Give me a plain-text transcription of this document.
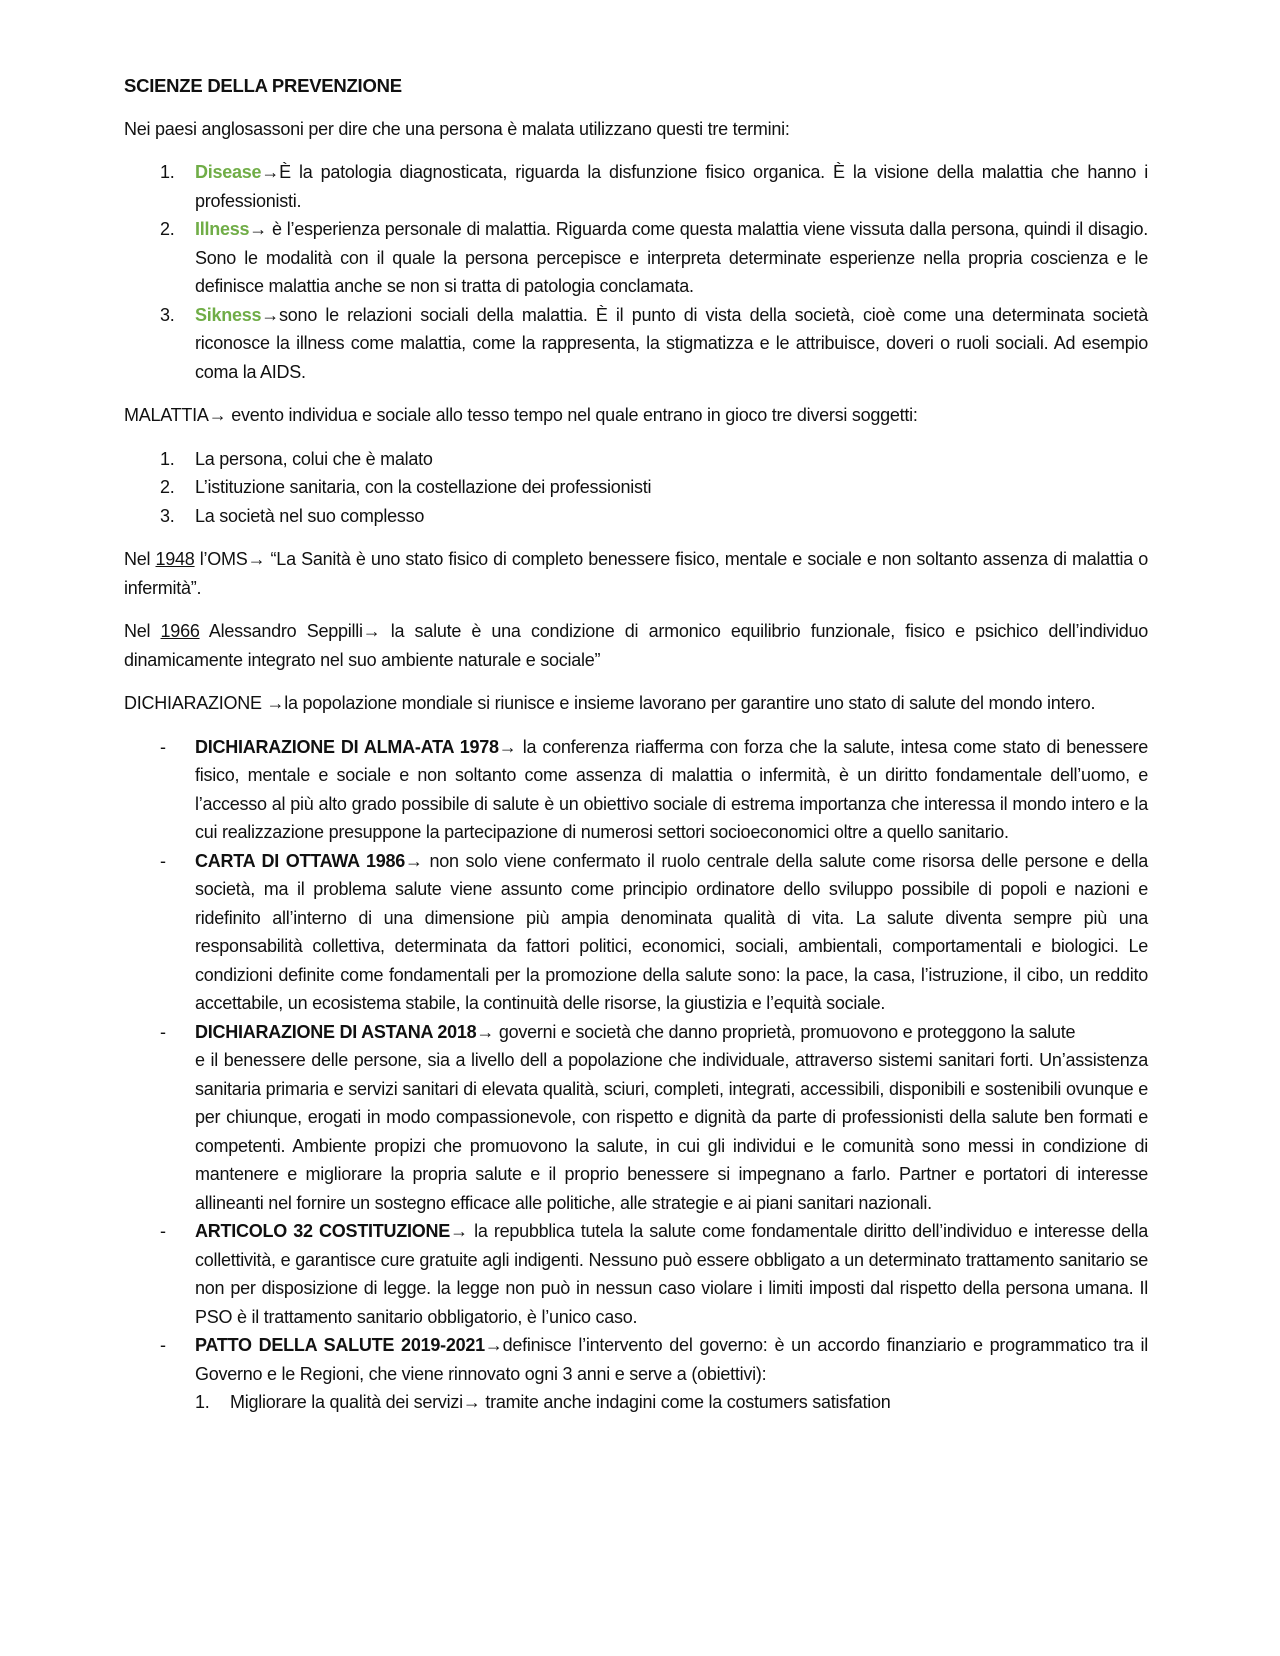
SCIENZE DELLA PREVENZIONE

Nei paesi anglosassoni per dire che una persona è malata utilizzano questi tre termini:

1. Disease→È la patologia diagnosticata, riguarda la disfunzione fisico organica. È la visione della malattia che hanno i professionisti.
2. Illness→ è l’esperienza personale di malattia. Riguarda come questa malattia viene vissuta dalla persona, quindi il disagio. Sono le modalità con il quale la persona percepisce e interpreta determinate esperienze nella propria coscienza e le definisce malattia anche se non si tratta di patologia conclamata.
3. Sikness→sono le relazioni sociali della malattia. È il punto di vista della società, cioè come una determinata società riconosce la illness come malattia, come la rappresenta, la stigmatizza e le attribuisce, doveri o ruoli sociali. Ad esempio coma la AIDS.

MALATTIA→ evento individua e sociale allo tesso tempo nel quale entrano in gioco tre diversi soggetti:

1. La persona, colui che è malato
2. L’istituzione sanitaria, con la costellazione dei professionisti
3. La società nel suo complesso

Nel 1948 l’OMS→ “La Sanità è uno stato fisico di completo benessere fisico, mentale e sociale e non soltanto assenza di malattia o infermità”.

Nel 1966 Alessandro Seppilli→ la salute è una condizione di armonico equilibrio funzionale, fisico e psichico dell’individuo dinamicamente integrato nel suo ambiente naturale e sociale”

DICHIARAZIONE →la popolazione mondiale si riunisce e insieme lavorano per garantire uno stato di salute del mondo intero.

- DICHIARAZIONE DI ALMA-ATA 1978→ la conferenza riafferma con forza che la salute, intesa come stato di benessere fisico, mentale e sociale e non soltanto come assenza di malattia o infermità, è un diritto fondamentale dell’uomo, e l’accesso al più alto grado possibile di salute è un obiettivo sociale di estrema importanza che interessa il mondo intero e la cui realizzazione presuppone la partecipazione di numerosi settori socioeconomici oltre a quello sanitario.
- CARTA DI OTTAWA 1986→ non solo viene confermato il ruolo centrale della salute come risorsa delle persone e della società, ma il problema salute viene assunto come principio ordinatore dello sviluppo possibile di popoli e nazioni e ridefinito all’interno di una dimensione più ampia denominata qualità di vita. La salute diventa sempre più una responsabilità collettiva, determinata da fattori politici, economici, sociali, ambientali, comportamentali e biologici. Le condizioni definite come fondamentali per la promozione della salute sono: la pace, la casa, l’istruzione, il cibo, un reddito accettabile, un ecosistema stabile, la continuità delle risorse, la giustizia e l’equità sociale.
- DICHIARAZIONE DI ASTANA 2018→ governi e società che danno proprietà, promuovono e proteggono la salute
e il benessere delle persone, sia a livello dell a popolazione che individuale, attraverso sistemi sanitari forti. Un’assistenza sanitaria primaria e servizi sanitari di elevata qualità, sciuri, completi, integrati, accessibili, disponibili e sostenibili ovunque e per chiunque, erogati in modo compassionevole, con rispetto e dignità da parte di professionisti della salute ben formati e competenti. Ambiente propizi che promuovono la salute, in cui gli individui e le comunità sono messi in condizione di mantenere e migliorare la propria salute e il proprio benessere si impegnano a farlo. Partner e portatori di interesse allineanti nel fornire un sostegno efficace alle politiche, alle strategie e ai piani sanitari nazionali.
- ARTICOLO 32 COSTITUZIONE→ la repubblica tutela la salute come fondamentale diritto dell’individuo e interesse della collettività, e garantisce cure gratuite agli indigenti. Nessuno può essere obbligato a un determinato trattamento sanitario se non per disposizione di legge. la legge non può in nessun caso violare i limiti imposti dal rispetto della persona umana. Il PSO è il trattamento sanitario obbligatorio, è l’unico caso.
- PATTO DELLA SALUTE 2019-2021→definisce l’intervento del governo: è un accordo finanziario e programmatico tra il Governo e le Regioni, che viene rinnovato ogni 3 anni e serve a (obiettivi):
1. Migliorare la qualità dei servizi→ tramite anche indagini come la costumers satisfation
